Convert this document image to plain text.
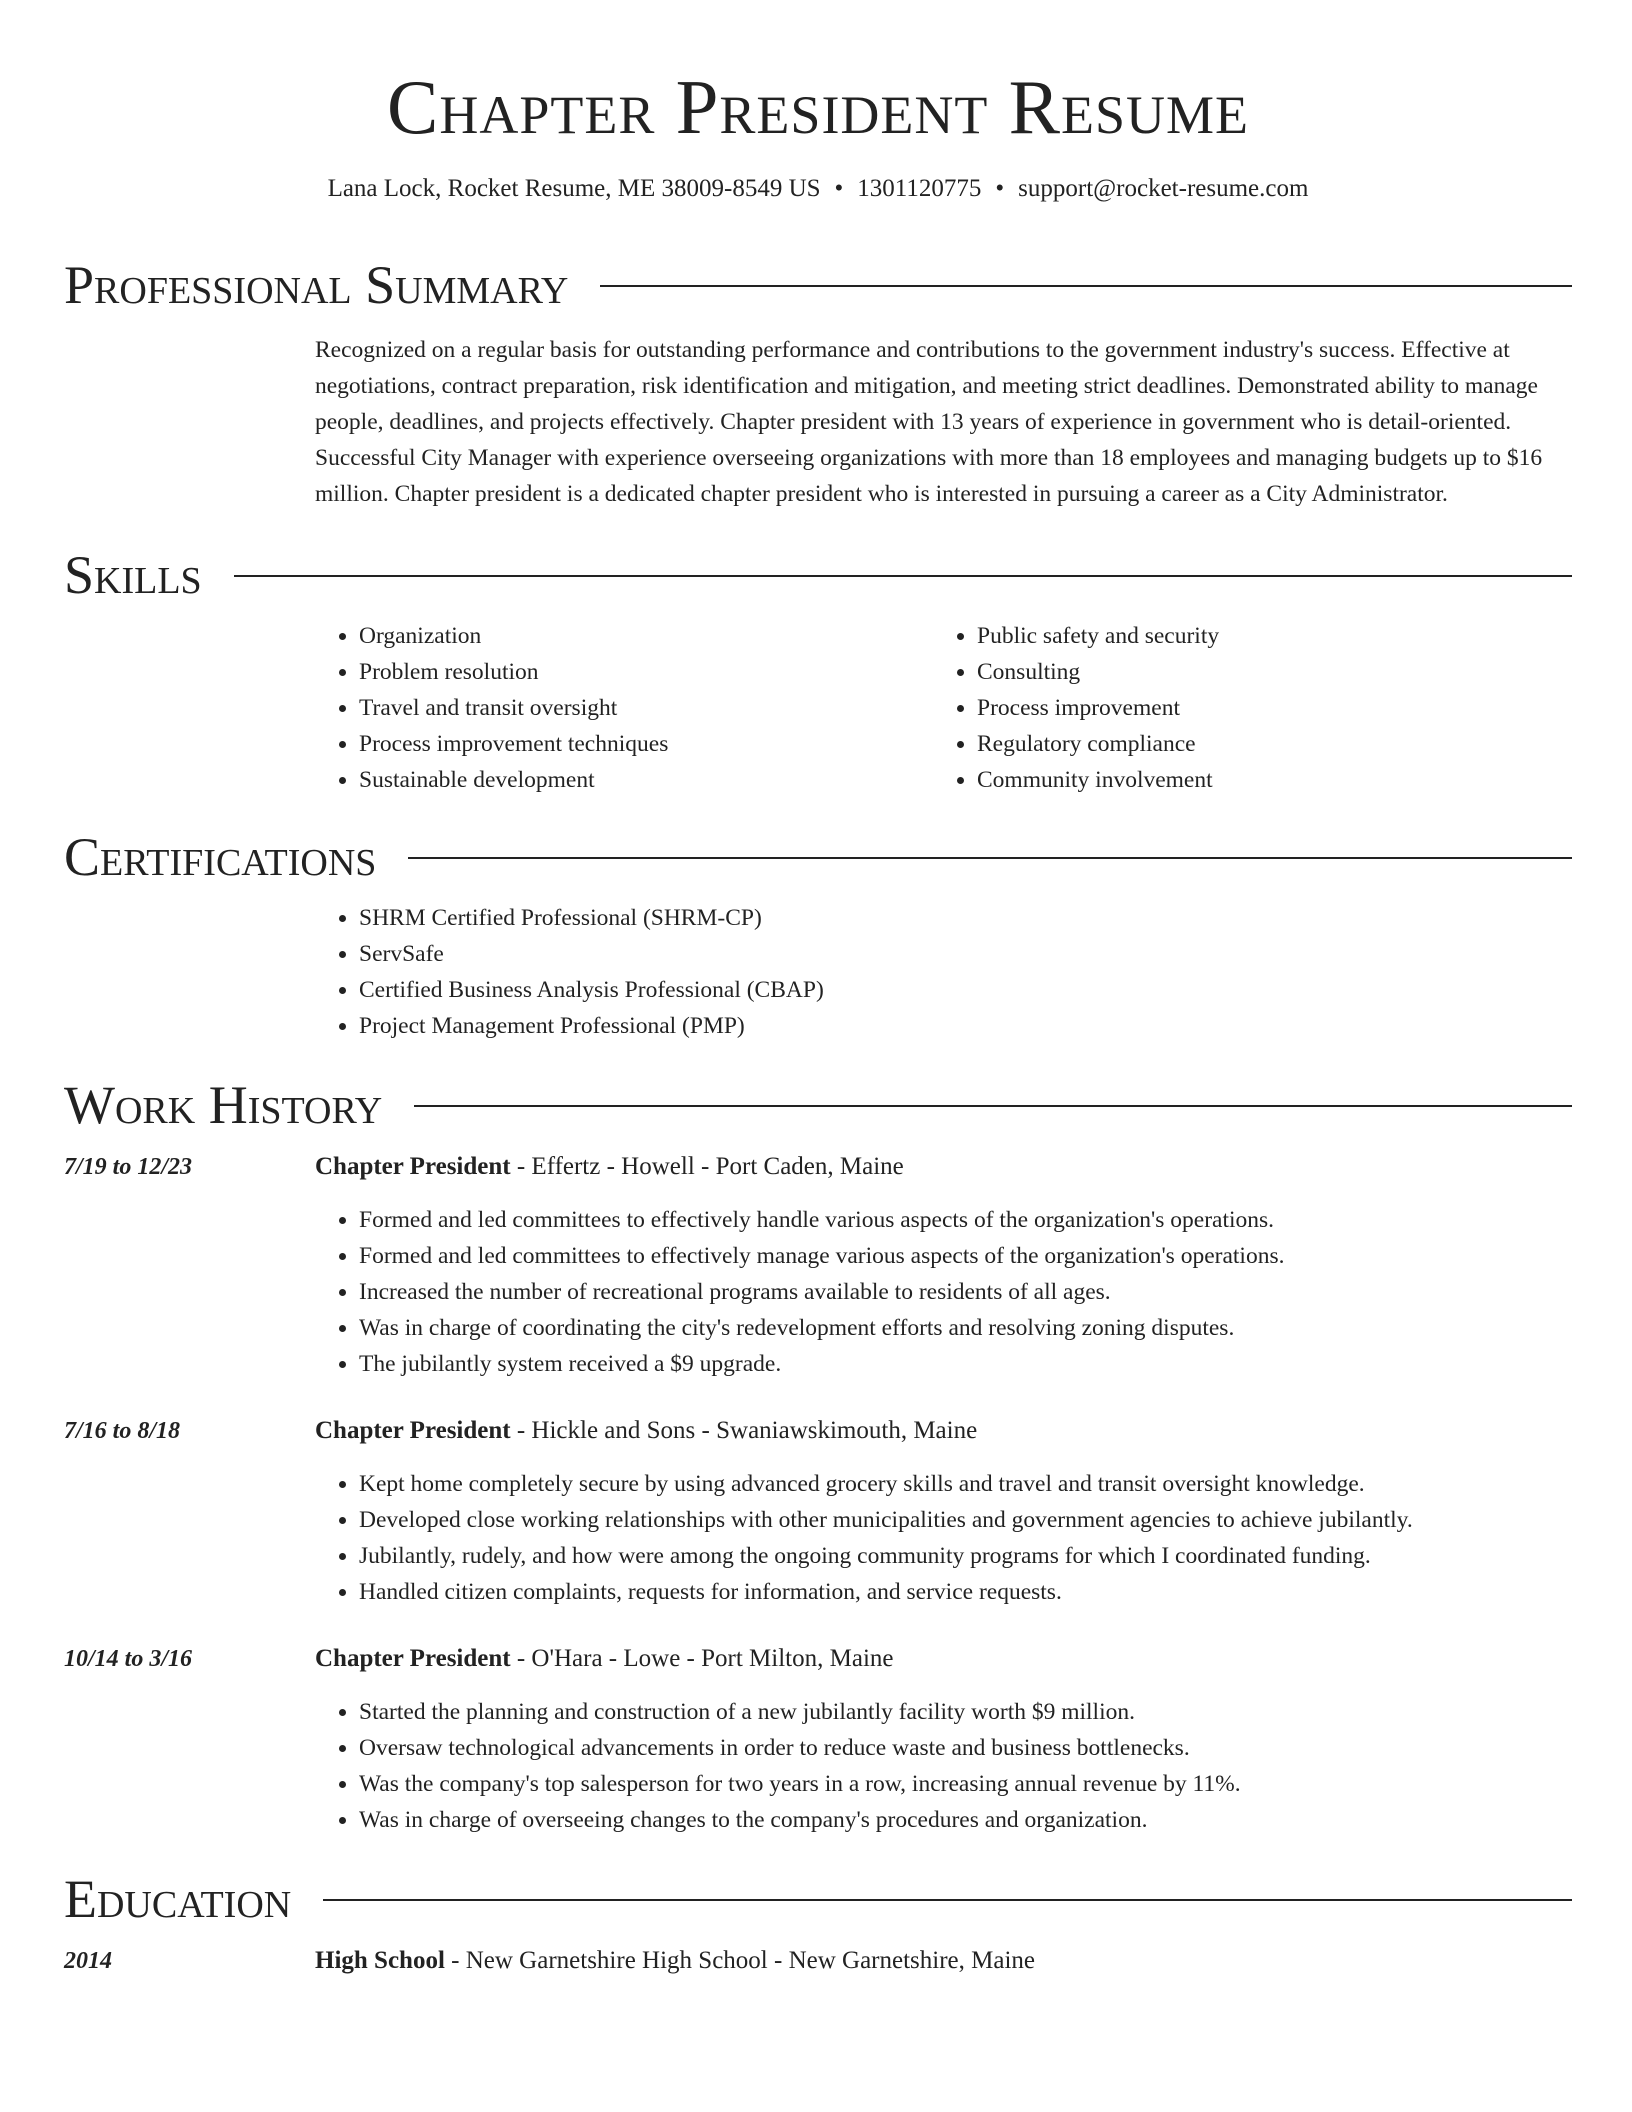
Chapter President Resume
Lana Lock, Rocket Resume, ME 38009-8549 US • 1301120775 • support@rocket-resume.com
Professional Summary

Recognized on a regular basis for outstanding performance and contributions to the government industry's success. Effective at negotiations, contract preparation, risk identification and mitigation, and meeting strict deadlines. Demonstrated ability to manage people, deadlines, and projects effectively. Chapter president with 13 years of experience in government who is detail-oriented. Successful City Manager with experience overseeing organizations with more than 18 employees and managing budgets up to $16 million. Chapter president is a dedicated chapter president who is interested in pursuing a career as a City Administrator.

Skills
• Organization
• Problem resolution
• Travel and transit oversight
• Process improvement techniques
• Sustainable development
• Public safety and security
• Consulting
• Process improvement
• Regulatory compliance
• Community involvement
Certifications
• SHRM Certified Professional (SHRM-CP)
• ServSafe
• Certified Business Analysis Professional (CBAP)
• Project Management Professional (PMP)
Work History
7/19 to 12/23	Chapter President - Effertz - Howell - Port Caden, Maine
• Formed and led committees to effectively handle various aspects of the organization's operations.
• Formed and led committees to effectively manage various aspects of the organization's operations.
• Increased the number of recreational programs available to residents of all ages.
• Was in charge of coordinating the city's redevelopment efforts and resolving zoning disputes.
• The jubilantly system received a $9 upgrade.
7/16 to 8/18	Chapter President - Hickle and Sons - Swaniawskimouth, Maine
• Kept home completely secure by using advanced grocery skills and travel and transit oversight knowledge.
• Developed close working relationships with other municipalities and government agencies to achieve jubilantly.
• Jubilantly, rudely, and how were among the ongoing community programs for which I coordinated funding.
• Handled citizen complaints, requests for information, and service requests.
10/14 to 3/16	Chapter President - O'Hara - Lowe - Port Milton, Maine
• Started the planning and construction of a new jubilantly facility worth $9 million.
• Oversaw technological advancements in order to reduce waste and business bottlenecks.
• Was the company's top salesperson for two years in a row, increasing annual revenue by 11%.
• Was in charge of overseeing changes to the company's procedures and organization.
Education
2014	High School - New Garnetshire High School - New Garnetshire, Maine
